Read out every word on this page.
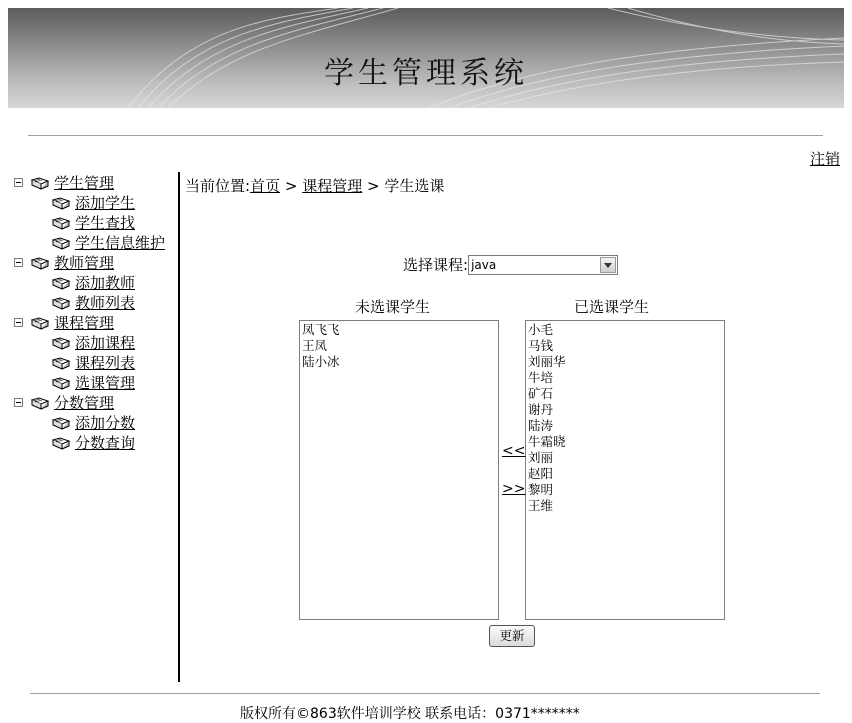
学生管理系统
注销
学生管理
添加学生
学生查找
学生信息维护
教师管理
添加教师
教师列表
课程管理
添加课程
课程列表
选课管理
分数管理
添加分数
分数查询
当前位置:首页 > 课程管理 > 学生选课
选择课程: java
未选课学生	已选课学生
凤飞飞
王凤
陆小冰
小毛
马钱
刘丽华
牛培
矿石
谢丹
陆涛
牛霜晓
刘丽
赵阳
黎明
王维
<<
>>
更新
版权所有©863软件培训学校 联系电话：0371*******
